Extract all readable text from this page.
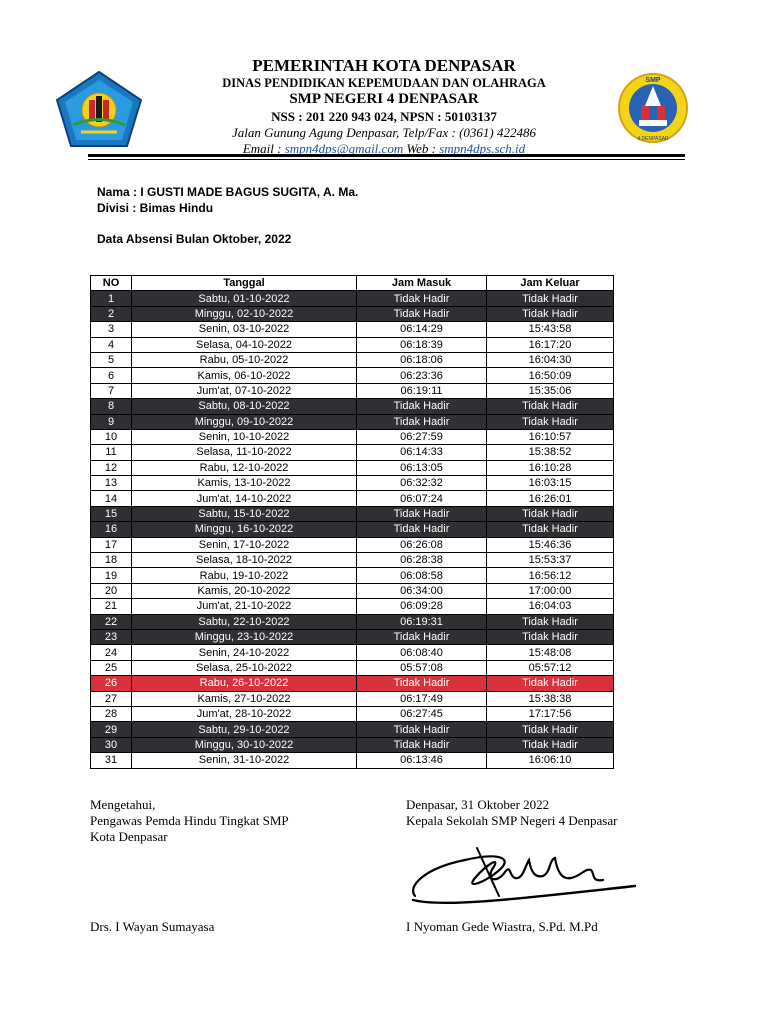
SMP
4 DENPASAR
PEMERINTAH KOTA DENPASAR
DINAS PENDIDIKAN KEPEMUDAAN DAN OLAHRAGA
SMP NEGERI 4 DENPASAR
NSS : 201 220 943 024, NPSN : 50103137
Jalan Gunung Agung Denpasar, Telp/Fax : (0361) 422486
Email : smpn4dps@gmail.com Web : smpn4dps.sch.id
Nama : I GUSTI MADE BAGUS SUGITA, A. Ma.
Divisi : Bimas Hindu
Data Absensi Bulan Oktober, 2022
NO	Tanggal	Jam Masuk	Jam Keluar
1	Sabtu, 01-10-2022	Tidak Hadir	Tidak Hadir
2	Minggu, 02-10-2022	Tidak Hadir	Tidak Hadir
3	Senin, 03-10-2022	06:14:29	15:43:58
4	Selasa, 04-10-2022	06:18:39	16:17:20
5	Rabu, 05-10-2022	06:18:06	16:04:30
6	Kamis, 06-10-2022	06:23:36	16:50:09
7	Jum'at, 07-10-2022	06:19:11	15:35:06
8	Sabtu, 08-10-2022	Tidak Hadir	Tidak Hadir
9	Minggu, 09-10-2022	Tidak Hadir	Tidak Hadir
10	Senin, 10-10-2022	06:27:59	16:10:57
11	Selasa, 11-10-2022	06:14:33	15:38:52
12	Rabu, 12-10-2022	06:13:05	16:10:28
13	Kamis, 13-10-2022	06:32:32	16:03:15
14	Jum'at, 14-10-2022	06:07:24	16:26:01
15	Sabtu, 15-10-2022	Tidak Hadir	Tidak Hadir
16	Minggu, 16-10-2022	Tidak Hadir	Tidak Hadir
17	Senin, 17-10-2022	06:26:08	15:46:36
18	Selasa, 18-10-2022	06:28:38	15:53:37
19	Rabu, 19-10-2022	06:08:58	16:56:12
20	Kamis, 20-10-2022	06:34:00	17:00:00
21	Jum'at, 21-10-2022	06:09:28	16:04:03
22	Sabtu, 22-10-2022	06:19:31	Tidak Hadir
23	Minggu, 23-10-2022	Tidak Hadir	Tidak Hadir
24	Senin, 24-10-2022	06:08:40	15:48:08
25	Selasa, 25-10-2022	05:57:08	05:57:12
26	Rabu, 26-10-2022	Tidak Hadir	Tidak Hadir
27	Kamis, 27-10-2022	06:17:49	15:38:38
28	Jum'at, 28-10-2022	06:27:45	17:17:56
29	Sabtu, 29-10-2022	Tidak Hadir	Tidak Hadir
30	Minggu, 30-10-2022	Tidak Hadir	Tidak Hadir
31	Senin, 31-10-2022	06:13:46	16:06:10
Mengetahui,
Pengawas Pemda Hindu Tingkat SMP
Kota Denpasar
Drs. I Wayan Sumayasa
Denpasar, 31 Oktober 2022
Kepala Sekolah SMP Negeri 4 Denpasar
I Nyoman Gede Wiastra, S.Pd. M.Pd
